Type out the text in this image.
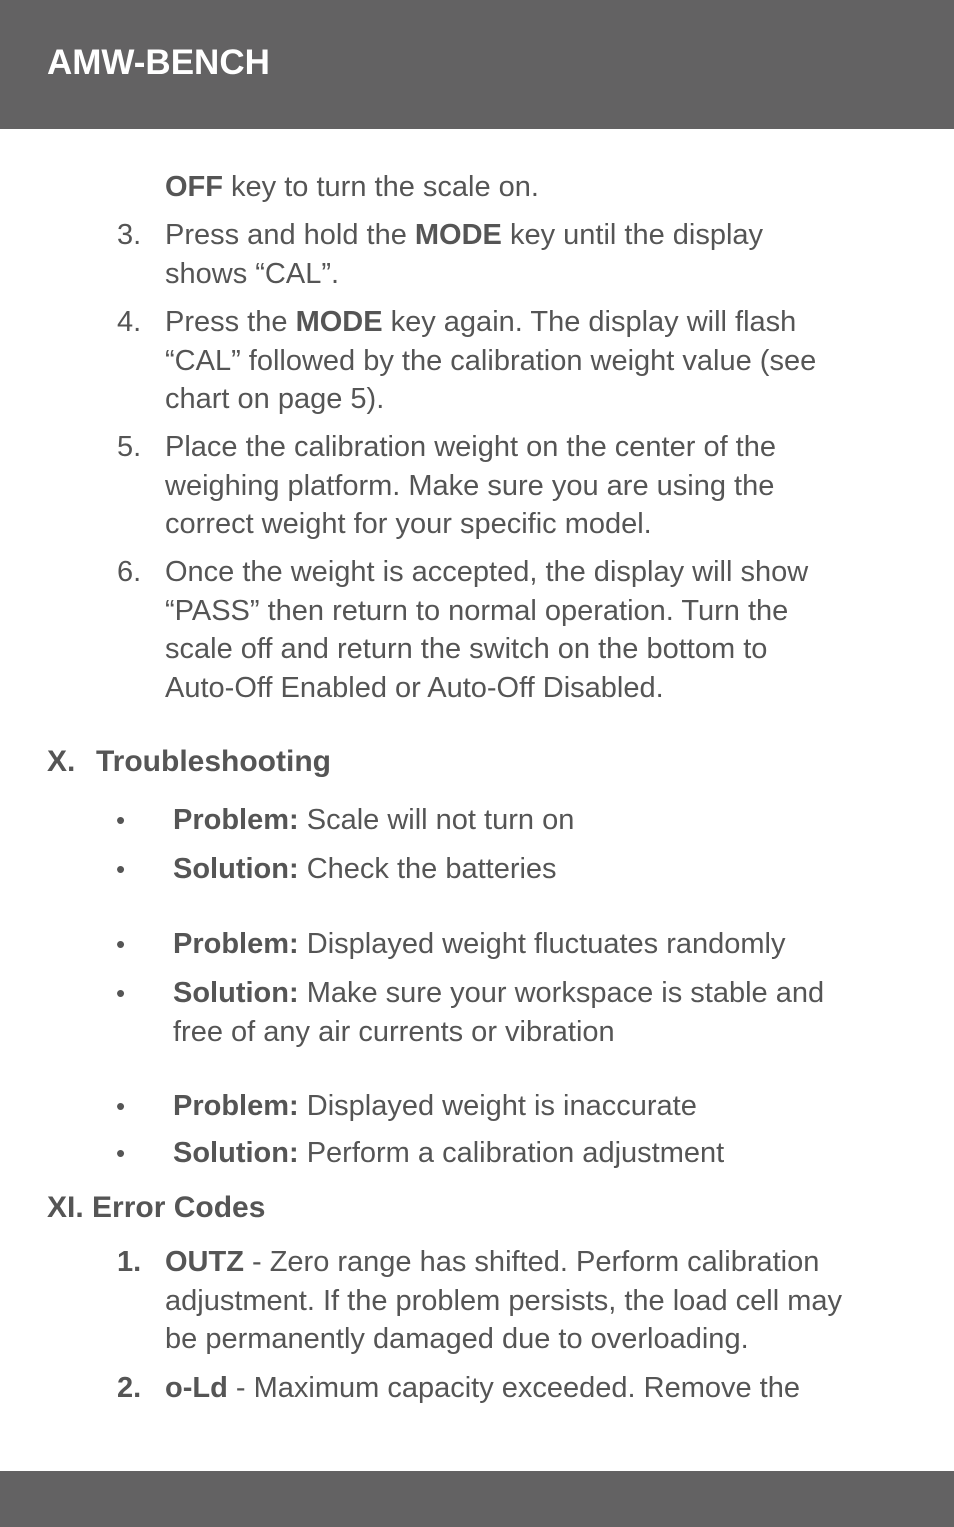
AMW-BENCH
OFF key to turn the scale on.
3. Press and hold the MODE key until the display
shows “CAL”.
4. Press the MODE key again. The display will flash
“CAL” followed by the calibration weight value (see
chart on page 5).
5. Place the calibration weight on the center of the
weighing platform. Make sure you are using the
correct weight for your specific model.
6. Once the weight is accepted, the display will show
“PASS” then return to normal operation. Turn the
scale off and return the switch on the bottom to
Auto-Off Enabled or Auto-Off Disabled.
X. Troubleshooting
• Problem: Scale will not turn on
• Solution: Check the batteries
• Problem: Displayed weight fluctuates randomly
• Solution: Make sure your workspace is stable and
free of any air currents or vibration
• Problem: Displayed weight is inaccurate
• Solution: Perform a calibration adjustment
XI. Error Codes
1. OUTZ - Zero range has shifted. Perform calibration
adjustment. If the problem persists, the load cell may
be permanently damaged due to overloading.
2. o-Ld - Maximum capacity exceeded. Remove the
